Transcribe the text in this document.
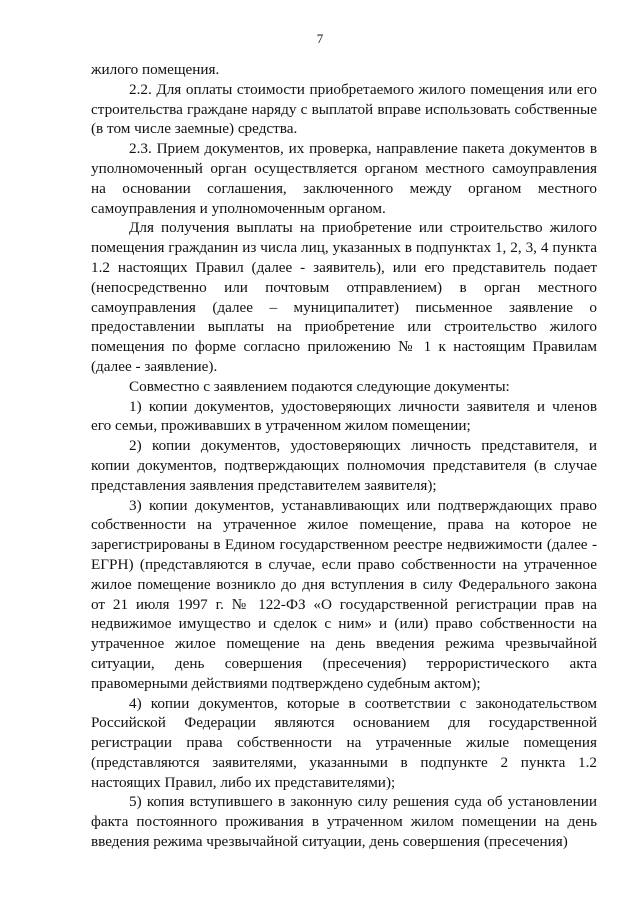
7

жилого помещения.

2.2. Для оплаты стоимости приобретаемого жилого помещения или его строительства граждане наряду с выплатой вправе использовать собственные (в том числе заемные) средства.

2.3. Прием документов, их проверка, направление пакета документов в уполномоченный орган осуществляется органом местного самоуправления на основании соглашения, заключенного между органом местного самоуправления и уполномоченным органом.

Для получения выплаты на приобретение или строительство жилого помещения гражданин из числа лиц, указанных в подпунктах 1, 2, 3, 4 пункта 1.2 настоящих Правил (далее - заявитель), или его представитель подает (непосредственно или почтовым отправлением) в орган местного самоуправления (далее – муниципалитет) письменное заявление о предоставлении выплаты на приобретение или строительство жилого помещения по форме согласно приложению № 1 к настоящим Правилам (далее - заявление).

Совместно с заявлением подаются следующие документы:

1) копии документов, удостоверяющих личности заявителя и членов его семьи, проживавших в утраченном жилом помещении;

2) копии документов, удостоверяющих личность представителя, и копии документов, подтверждающих полномочия представителя (в случае представления заявления представителем заявителя);

3) копии документов, устанавливающих или подтверждающих право собственности на утраченное жилое помещение, права на которое не зарегистрированы в Едином государственном реестре недвижимости (далее - ЕГРН) (представляются в случае, если право собственности на утраченное жилое помещение возникло до дня вступления в силу Федерального закона от 21 июля 1997 г. № 122-ФЗ «О государственной регистрации прав на недвижимое имущество и сделок с ним» и (или) право собственности на утраченное жилое помещение на день введения режима чрезвычайной ситуации, день совершения (пресечения) террористического акта правомерными действиями подтверждено судебным актом);

4) копии документов, которые в соответствии с законодательством Российской Федерации являются основанием для государственной регистрации права собственности на утраченные жилые помещения (представляются заявителями, указанными в подпункте 2 пункта 1.2 настоящих Правил, либо их представителями);

5) копия вступившего в законную силу решения суда об установлении факта постоянного проживания в утраченном жилом помещении на день введения режима чрезвычайной ситуации, день совершения (пресечения)
